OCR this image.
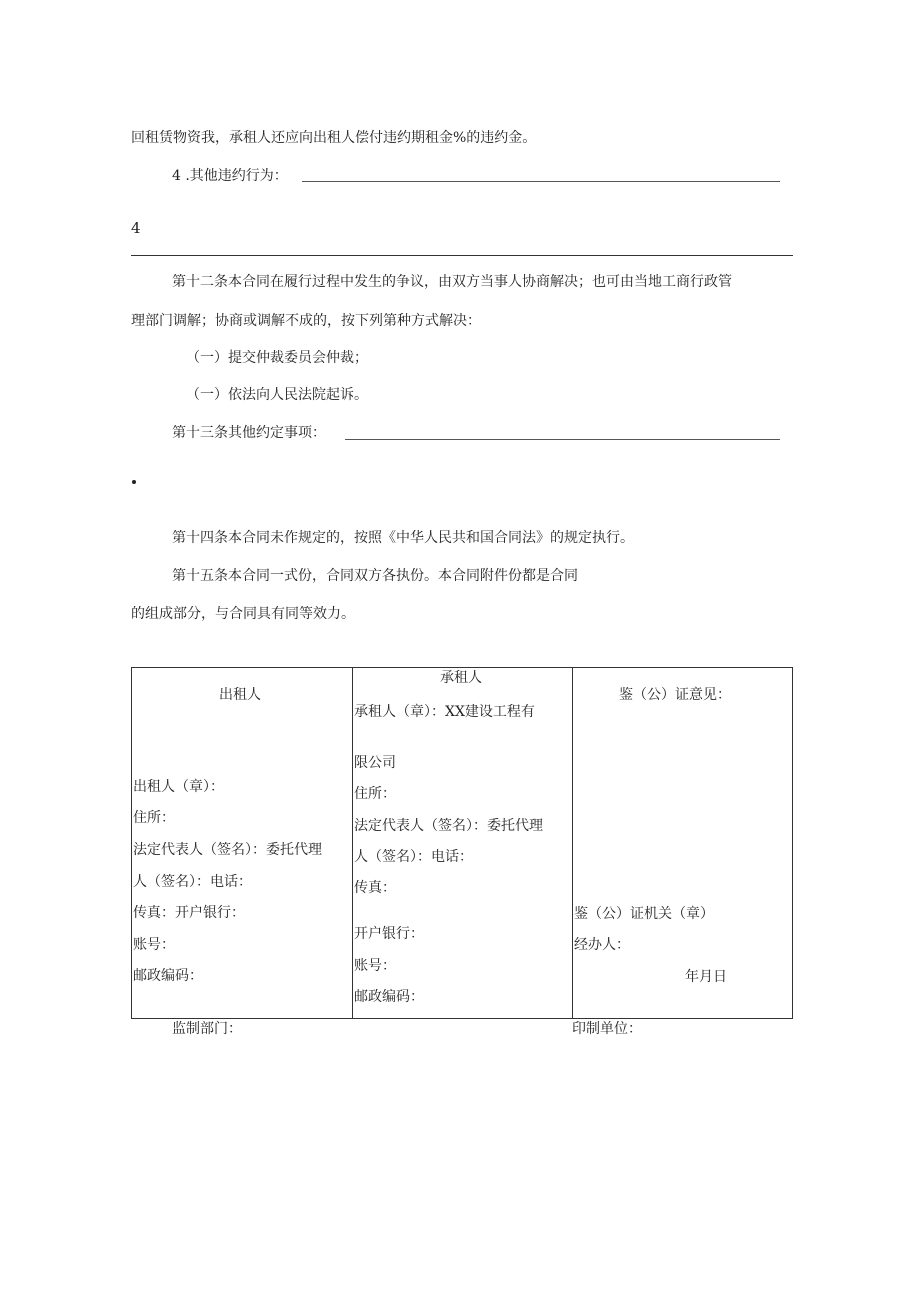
回租赁物资我，承租人还应向出租人偿付违约期租金%的违约金。
4 .其他违约行为：
4
第十二条本合同在履行过程中发生的争议，由双方当事人协商解决；也可由当地工商行政管
理部门调解；协商或调解不成的，按下列第种方式解决：
（一）提交仲裁委员会仲裁；
（一）依法向人民法院起诉。
第十三条其他约定事项：
第十四条本合同未作规定的，按照《中华人民共和国合同法》的规定执行。
第十五条本合同一式份，合同双方各执份。本合同附件份都是合同
的组成部分，与合同具有同等效力。
出租人
出租人（章）：
住所：
法定代表人（签名）：委托代理
人（签名）：电话：
传真：开户银行：
账号：
邮政编码：

承租人
承租人（章）：XX建设工程有
限公司
住所：
法定代表人（签名）：委托代理
人（签名）：电话：
传真：
开户银行：
账号：
邮政编码：

鉴（公）证意见：
鉴（公）证机关（章）
经办人：
年月日
监制部门：	印制单位：
